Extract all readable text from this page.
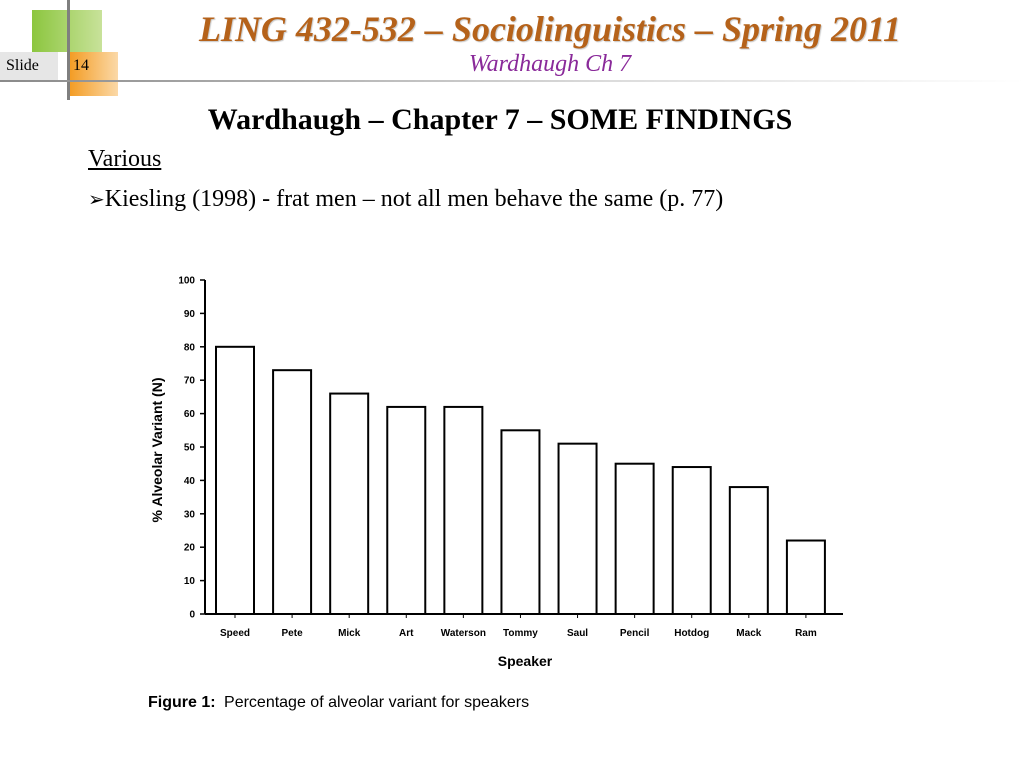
Slide 14
LING 432-532 – Sociolinguistics – Spring 2011
Wardhaugh Ch 7
Wardhaugh – Chapter 7 – SOME FINDINGS
Various
➢Kiesling (1998) - frat men – not all men behave the same (p. 77)
0
10
20
30
40
50
60
70
80
90
100
Speed	Pete	Mick	Art	Waterson Tommy	Saul	Pencil Hotdog	Mack	Ram
% Alveolar Variant (N)
Speaker
Figure 1: Percentage of alveolar variant for speakers
